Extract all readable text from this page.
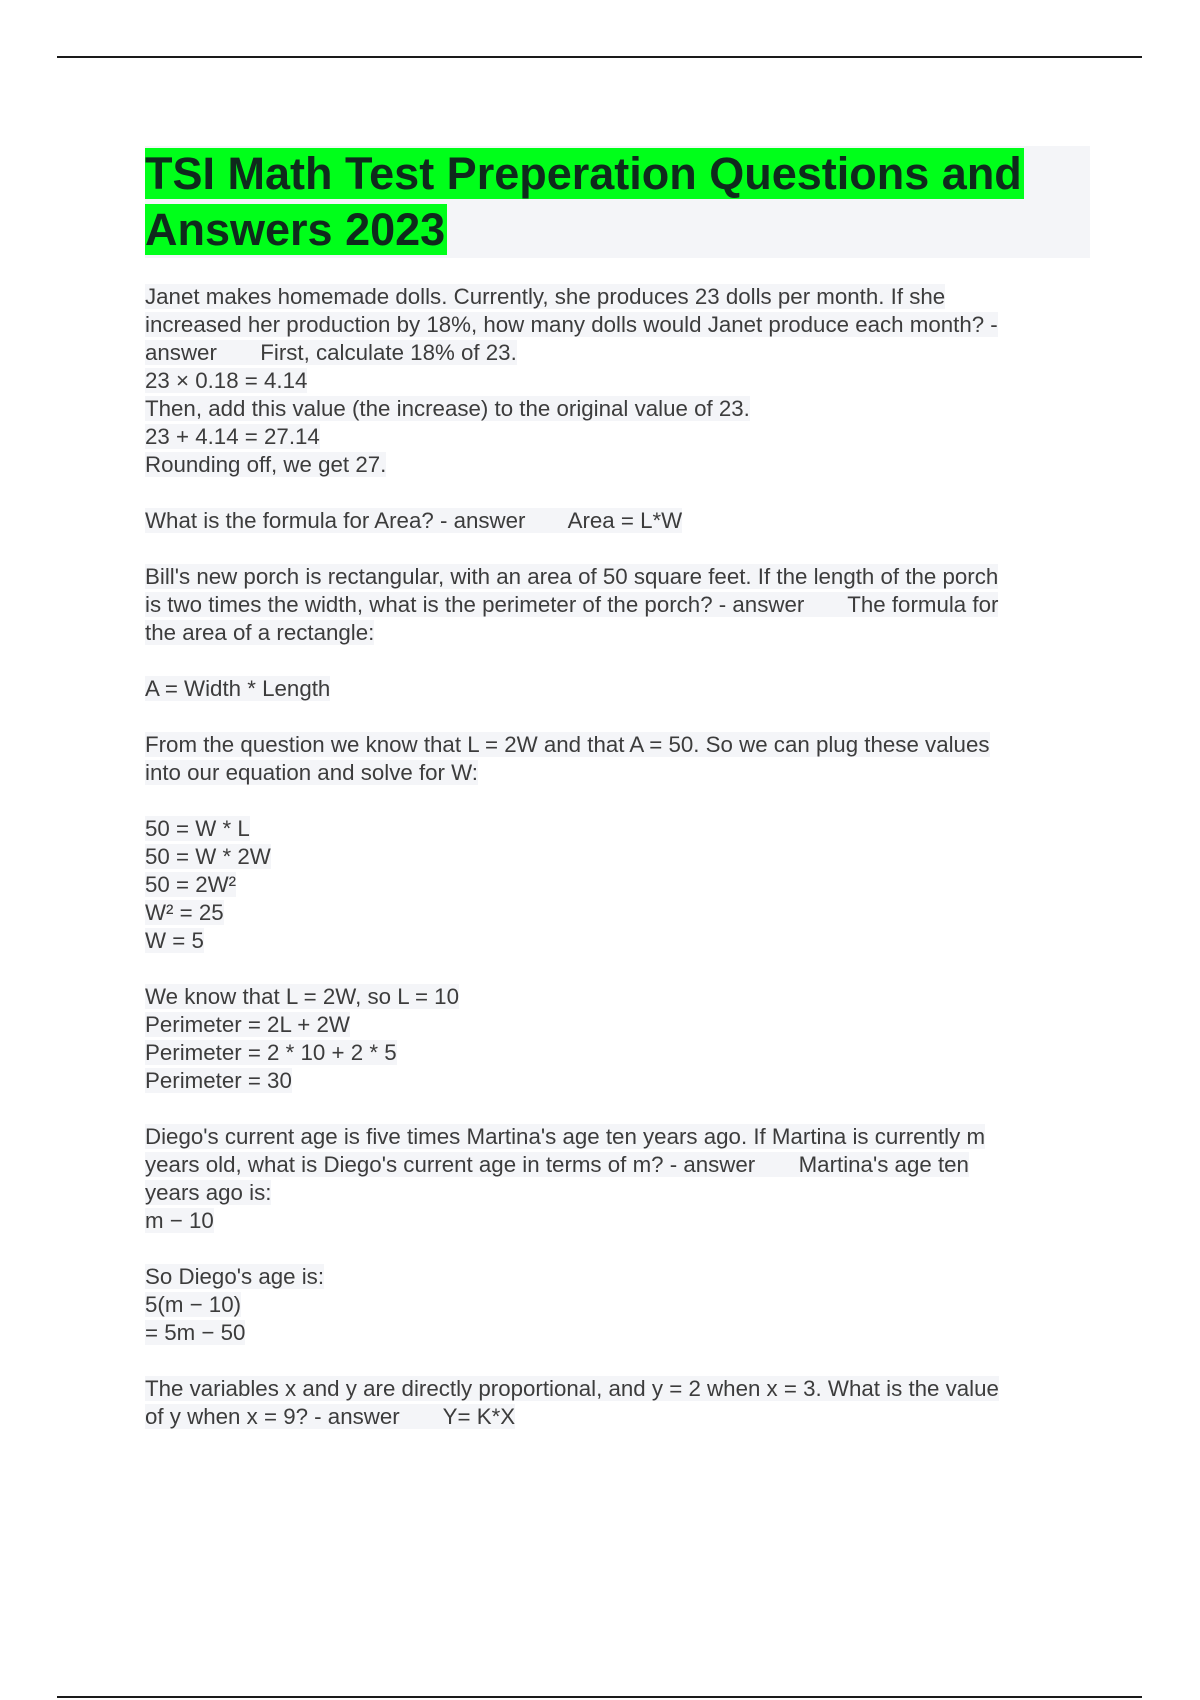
TSI Math Test Preperation Questions and
Answers 2023
Janet makes homemade dolls. Currently, she produces 23 dolls per month. If she
increased her production by 18%, how many dolls would Janet produce each month? -
answer       First, calculate 18% of 23.
23 × 0.18 = 4.14
Then, add this value (the increase) to the original value of 23.
23 + 4.14 = 27.14
Rounding off, we get 27.
What is the formula for Area? - answer       Area = L*W
Bill's new porch is rectangular, with an area of 50 square feet. If the length of the porch
is two times the width, what is the perimeter of the porch? - answer       The formula for
the area of a rectangle:
A = Width * Length
From the question we know that L = 2W and that A = 50. So we can plug these values
into our equation and solve for W:
50 = W * L
50 = W * 2W
50 = 2W²
W² = 25
W = 5
We know that L = 2W, so L = 10
Perimeter = 2L + 2W
Perimeter = 2 * 10 + 2 * 5
Perimeter = 30
Diego's current age is five times Martina's age ten years ago. If Martina is currently m
years old, what is Diego's current age in terms of m? - answer       Martina's age ten
years ago is:
m − 10
So Diego's age is:
5(m − 10)
= 5m − 50
The variables x and y are directly proportional, and y = 2 when x = 3. What is the value
of y when x = 9? - answer       Y= K*X
